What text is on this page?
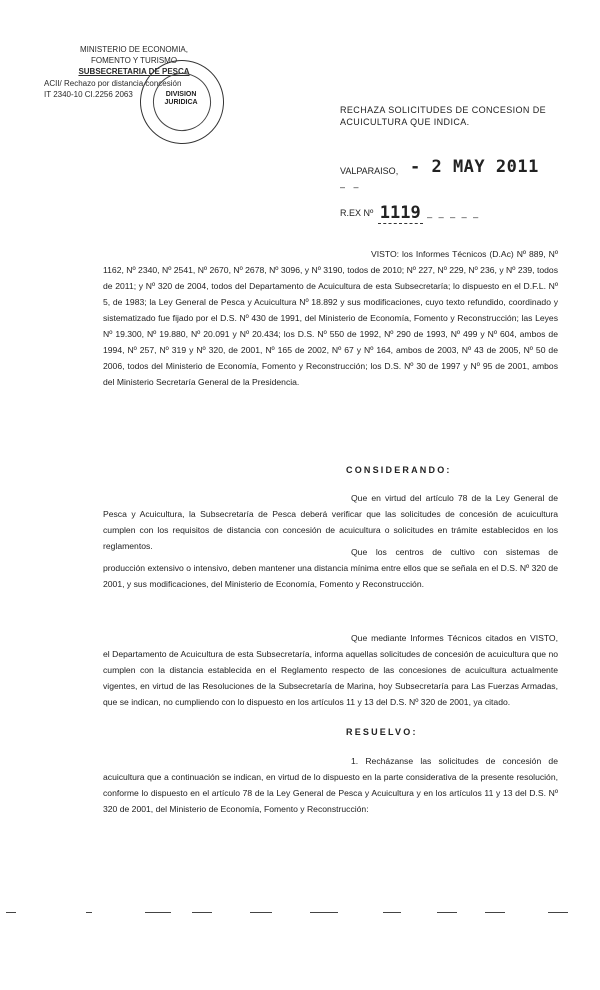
MINISTERIO DE ECONOMIA,
FOMENTO Y TURISMO
SUBSECRETARIA DE PESCA
ACII/ Rechazo por distancia concesión
IT 2340-10 CI.2256 2063	DIVISION
JURIDICA
RECHAZA SOLICITUDES DE CONCESION DE ACUICULTURA QUE INDICA.
VALPARAISO, - 2 MAY 2011
– –
R.EX Nº 1119 _ _ _ _ _
VISTO: los Informes Técnicos (D.Ac) Nº 889, Nº 1162, Nº 2340, Nº 2541, Nº 2670, Nº 2678, Nº 3096, y Nº 3190, todos de 2010; Nº 227, Nº 229, Nº 236, y Nº 239, todos de 2011; y Nº 320 de 2004, todos del Departamento de Acuicultura de esta Subsecretaría; lo dispuesto en el D.F.L. Nº 5, de 1983; la Ley General de Pesca y Acuicultura Nº 18.892 y sus modificaciones, cuyo texto refundido, coordinado y sistematizado fue fijado por el D.S. Nº 430 de 1991, del Ministerio de Economía, Fomento y Reconstrucción; las Leyes Nº 19.300, Nº 19.880, Nº 20.091 y Nº 20.434; los D.S. Nº 550 de 1992, Nº 290 de 1993, Nº 499 y Nº 604, ambos de 1994, Nº 257, Nº 319 y Nº 320, de 2001, Nº 165 de 2002, Nº 67 y Nº 164, ambos de 2003, Nº 43 de 2005, Nº 50 de 2006, todos del Ministerio de Economía, Fomento y Reconstrucción; los D.S. Nº 30 de 1997 y Nº 95 de 2001, ambos del Ministerio Secretaría General de la Presidencia.
CONSIDERANDO:
Que en virtud del artículo 78 de la Ley General de Pesca y Acuicultura, la Subsecretaría de Pesca deberá verificar que las solicitudes de concesión de acuicultura cumplen con los requisitos de distancia con concesión de acuicultura o solicitudes en trámite establecidos en los reglamentos.
Que los centros de cultivo con sistemas de producción extensivo o intensivo, deben mantener una distancia mínima entre ellos que se señala en el D.S. Nº 320 de 2001, y sus modificaciones, del Ministerio de Economía, Fomento y Reconstrucción.
Que mediante Informes Técnicos citados en VISTO, el Departamento de Acuicultura de esta Subsecretaría, informa aquellas solicitudes de concesión de acuicultura que no cumplen con la distancia establecida en el Reglamento respecto de las concesiones de acuicultura actualmente vigentes, en virtud de las Resoluciones de la Subsecretaría de Marina, hoy Subsecretaría para Las Fuerzas Armadas, que se indican, no cumpliendo con lo dispuesto en los artículos 11 y 13 del D.S. Nº 320 de 2001, ya citado.
RESUELVO:
1. Recházanse las solicitudes de concesión de acuicultura que a continuación se indican, en virtud de lo dispuesto en la parte considerativa de la presente resolución, conforme lo dispuesto en el artículo 78 de la Ley General de Pesca y Acuicultura y en los artículos 11 y 13 del D.S. Nº 320 de 2001, del Ministerio de Economía, Fomento y Reconstrucción:
